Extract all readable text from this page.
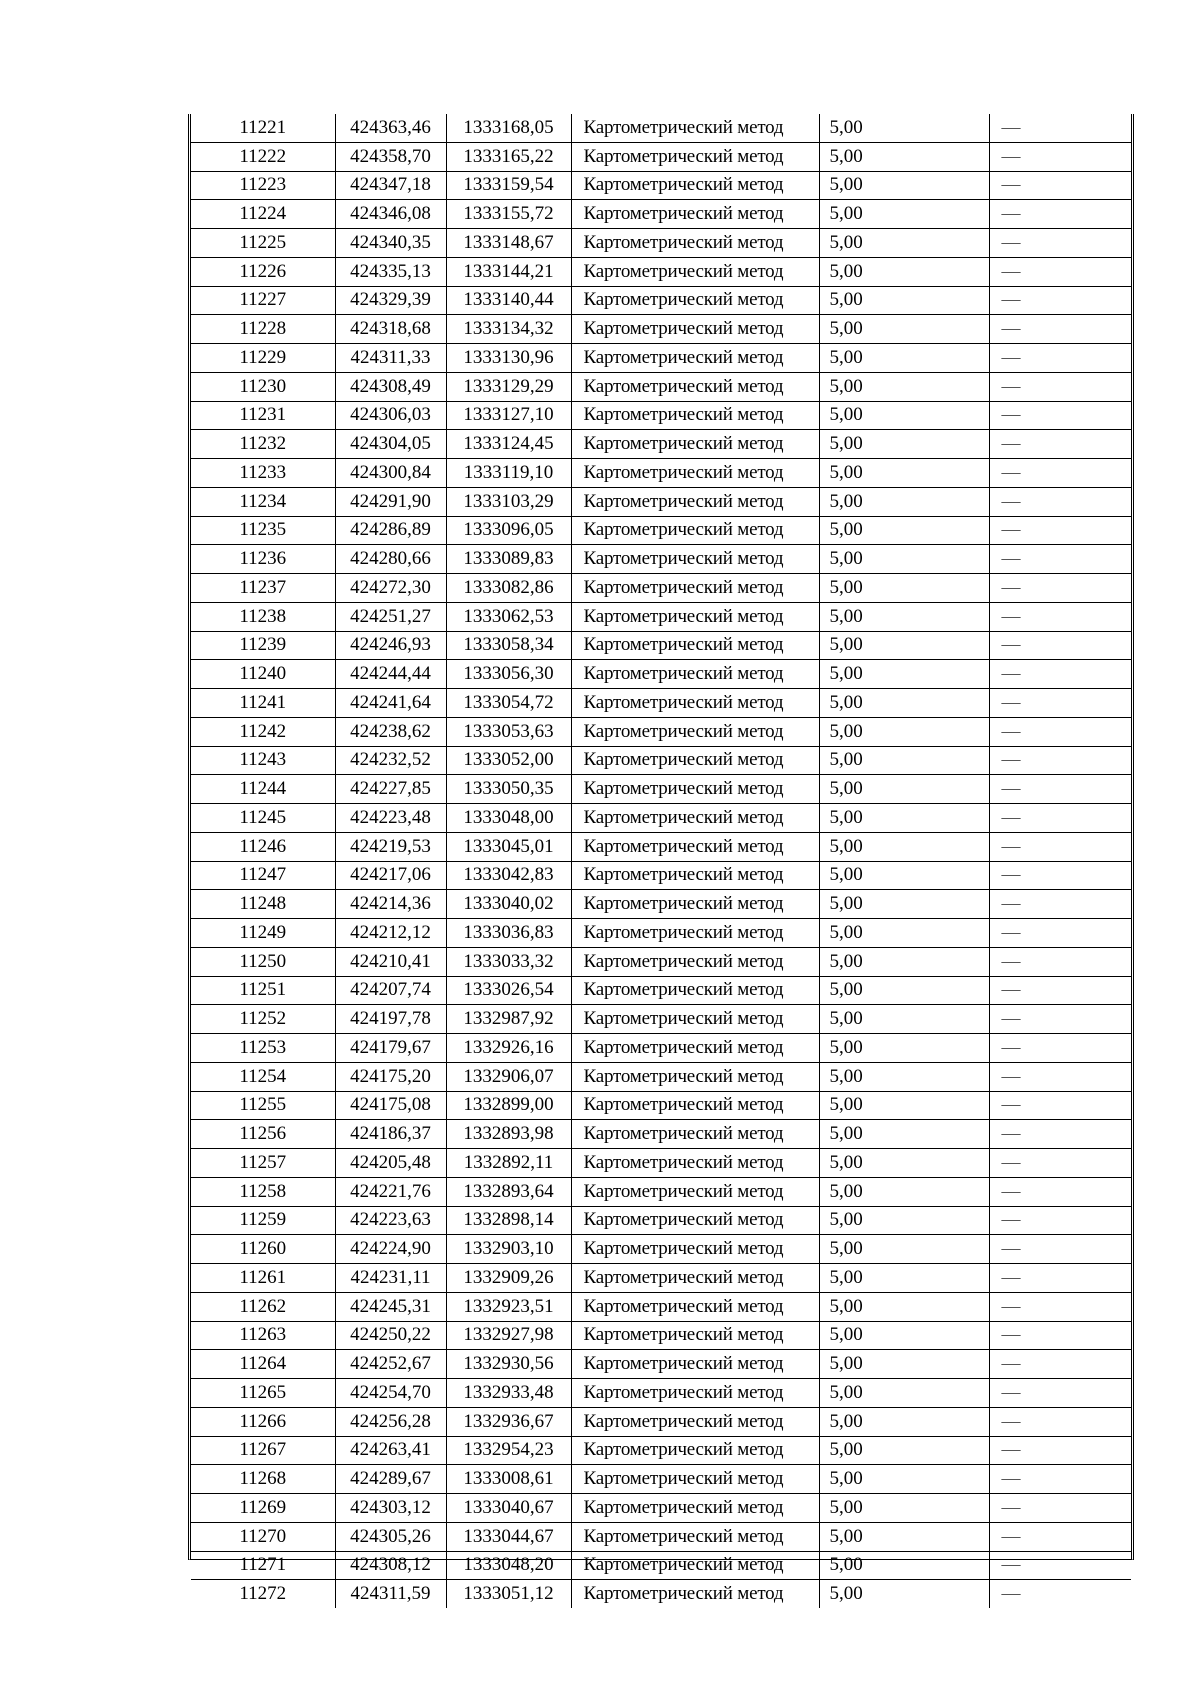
11221	424363,46	1333168,05	Картометрический метод	5,00	—
11222	424358,70	1333165,22	Картометрический метод	5,00	—
11223	424347,18	1333159,54	Картометрический метод	5,00	—
11224	424346,08	1333155,72	Картометрический метод	5,00	—
11225	424340,35	1333148,67	Картометрический метод	5,00	—
11226	424335,13	1333144,21	Картометрический метод	5,00	—
11227	424329,39	1333140,44	Картометрический метод	5,00	—
11228	424318,68	1333134,32	Картометрический метод	5,00	—
11229	424311,33	1333130,96	Картометрический метод	5,00	—
11230	424308,49	1333129,29	Картометрический метод	5,00	—
11231	424306,03	1333127,10	Картометрический метод	5,00	—
11232	424304,05	1333124,45	Картометрический метод	5,00	—
11233	424300,84	1333119,10	Картометрический метод	5,00	—
11234	424291,90	1333103,29	Картометрический метод	5,00	—
11235	424286,89	1333096,05	Картометрический метод	5,00	—
11236	424280,66	1333089,83	Картометрический метод	5,00	—
11237	424272,30	1333082,86	Картометрический метод	5,00	—
11238	424251,27	1333062,53	Картометрический метод	5,00	—
11239	424246,93	1333058,34	Картометрический метод	5,00	—
11240	424244,44	1333056,30	Картометрический метод	5,00	—
11241	424241,64	1333054,72	Картометрический метод	5,00	—
11242	424238,62	1333053,63	Картометрический метод	5,00	—
11243	424232,52	1333052,00	Картометрический метод	5,00	—
11244	424227,85	1333050,35	Картометрический метод	5,00	—
11245	424223,48	1333048,00	Картометрический метод	5,00	—
11246	424219,53	1333045,01	Картометрический метод	5,00	—
11247	424217,06	1333042,83	Картометрический метод	5,00	—
11248	424214,36	1333040,02	Картометрический метод	5,00	—
11249	424212,12	1333036,83	Картометрический метод	5,00	—
11250	424210,41	1333033,32	Картометрический метод	5,00	—
11251	424207,74	1333026,54	Картометрический метод	5,00	—
11252	424197,78	1332987,92	Картометрический метод	5,00	—
11253	424179,67	1332926,16	Картометрический метод	5,00	—
11254	424175,20	1332906,07	Картометрический метод	5,00	—
11255	424175,08	1332899,00	Картометрический метод	5,00	—
11256	424186,37	1332893,98	Картометрический метод	5,00	—
11257	424205,48	1332892,11	Картометрический метод	5,00	—
11258	424221,76	1332893,64	Картометрический метод	5,00	—
11259	424223,63	1332898,14	Картометрический метод	5,00	—
11260	424224,90	1332903,10	Картометрический метод	5,00	—
11261	424231,11	1332909,26	Картометрический метод	5,00	—
11262	424245,31	1332923,51	Картометрический метод	5,00	—
11263	424250,22	1332927,98	Картометрический метод	5,00	—
11264	424252,67	1332930,56	Картометрический метод	5,00	—
11265	424254,70	1332933,48	Картометрический метод	5,00	—
11266	424256,28	1332936,67	Картометрический метод	5,00	—
11267	424263,41	1332954,23	Картометрический метод	5,00	—
11268	424289,67	1333008,61	Картометрический метод	5,00	—
11269	424303,12	1333040,67	Картометрический метод	5,00	—
11270	424305,26	1333044,67	Картометрический метод	5,00	—
11271	424308,12	1333048,20	Картометрический метод	5,00	—
11272	424311,59	1333051,12	Картометрический метод	5,00	—
